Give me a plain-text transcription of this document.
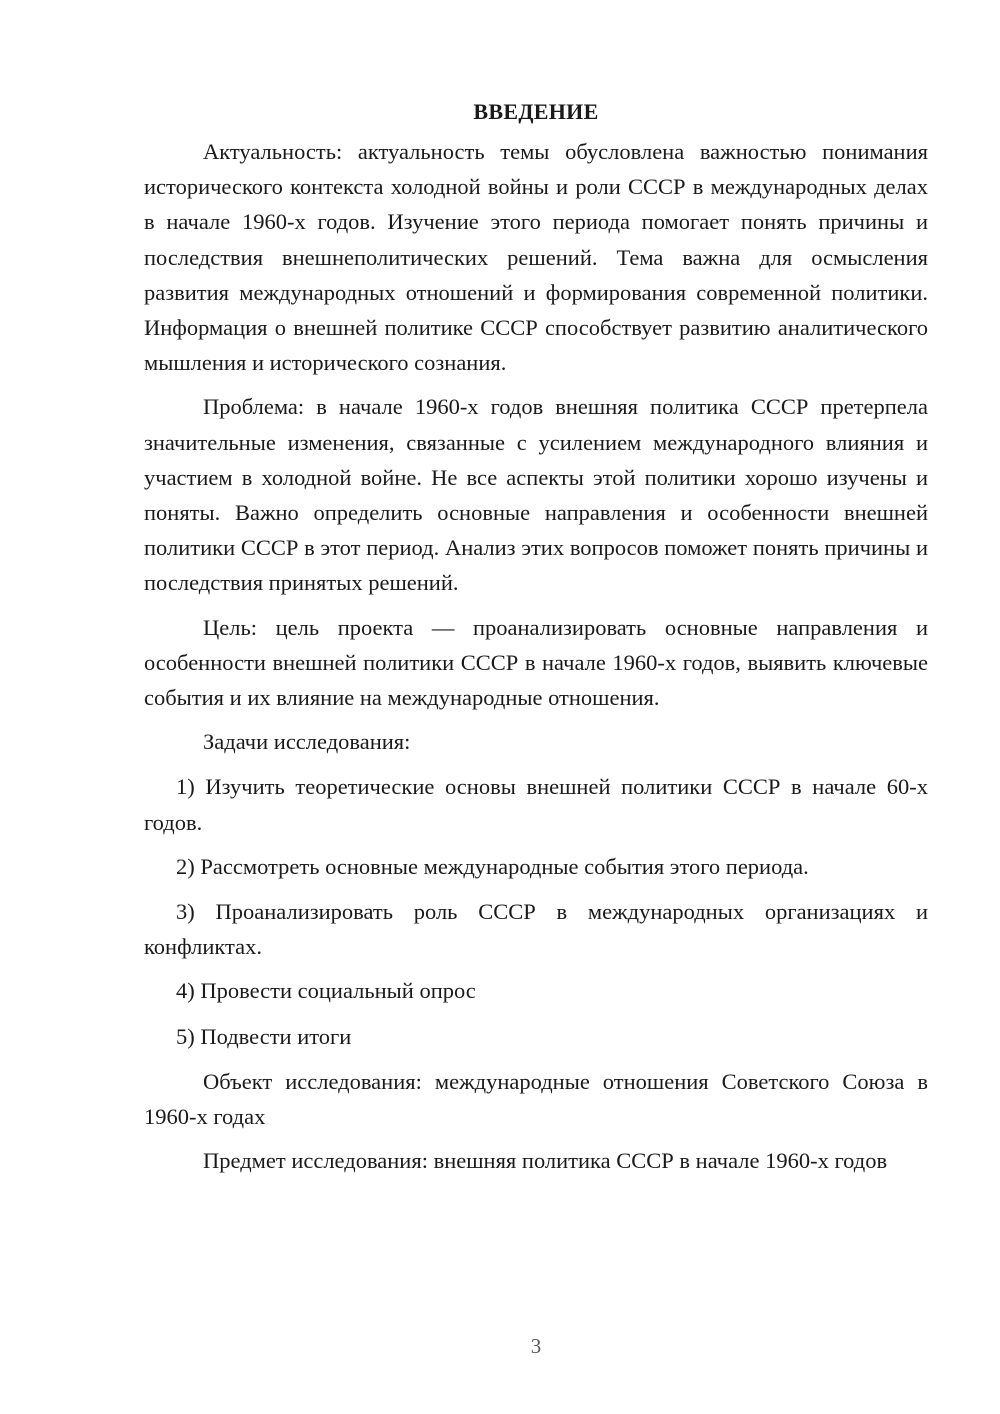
ВВЕДЕНИЕ

Актуальность: актуальность темы обусловлена важностью понимания исторического контекста холодной войны и роли СССР в международных делах в начале 1960-х годов. Изучение этого периода помогает понять причины и последствия внешнеполитических решений. Тема важна для осмысления развития международных отношений и формирования современной политики. Информация о внешней политике СССР способствует развитию аналитического мышления и исторического сознания.

Проблема: в начале 1960-х годов внешняя политика СССР претерпела значительные изменения, связанные с усилением международного влияния и участием в холодной войне. Не все аспекты этой политики хорошо изучены и поняты. Важно определить основные направления и особенности внешней политики СССР в этот период. Анализ этих вопросов поможет понять причины и последствия принятых решений.

Цель: цель проекта — проанализировать основные направления и особенности внешней политики СССР в начале 1960-х годов, выявить ключевые события и их влияние на международные отношения.

Задачи исследования:

1) Изучить теоретические основы внешней политики СССР в начале 60-х годов.

2) Рассмотреть основные международные события этого периода.

3) Проанализировать роль СССР в международных организациях и конфликтах.

4) Провести социальный опрос

5) Подвести итоги

Объект исследования: международные отношения Советского Союза в 1960-х годах

Предмет исследования: внешняя политика СССР в начале 1960-х годов

3
